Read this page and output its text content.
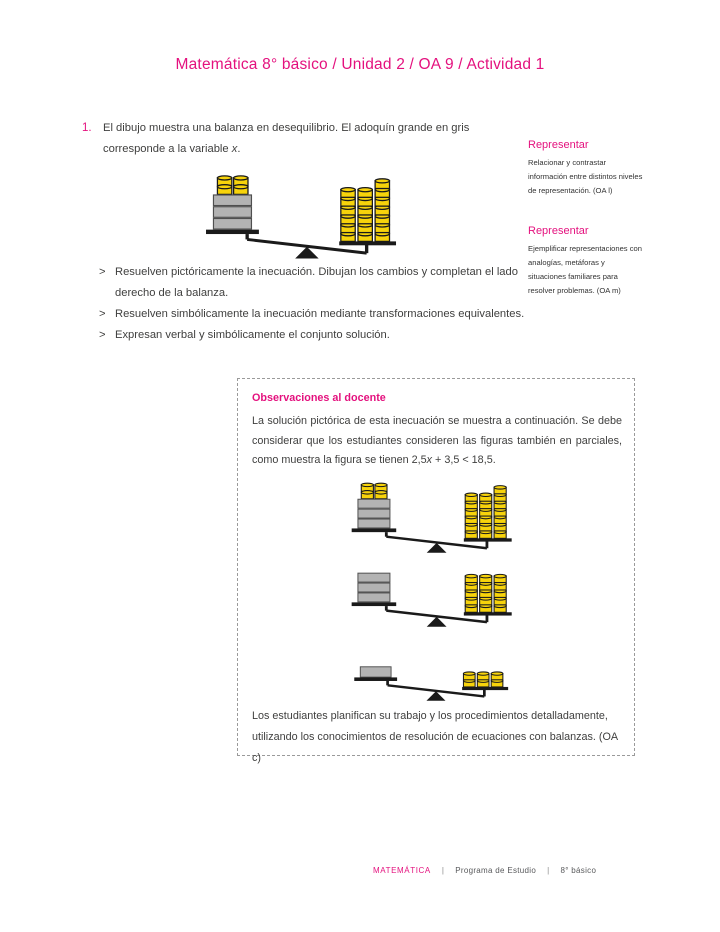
Matemática 8° básico / Unidad 2 / OA 9 / Actividad 1
1. El dibujo muestra una balanza en desequilibrio. El adoquín grande en gris corresponde a la variable x.

> Resuelven pictóricamente la inecuación. Dibujan los cambios y completan el lado derecho de la balanza.
> Resuelven simbólicamente la inecuación mediante transformaciones equivalentes.
> Expresan verbal y simbólicamente el conjunto solución.
Representar

Relacionar y contrastar información entre distintos niveles de representación. (OA l)

Representar

Ejemplificar representaciones con analogías, metáforas y situaciones familiares para resolver problemas. (OA m)

Observaciones al docente

La solución pictórica de esta inecuación se muestra a continuación. Se debe considerar que los estudiantes consideren las figuras también en parciales, como muestra la figura se tienen 2,5x + 3,5 < 18,5.

Los estudiantes planifican su trabajo y los procedimientos detalladamente, utilizando los conocimientos de resolución de ecuaciones con balanzas. (OA c)

MATEMÁTICA | Programa de Estudio | 8° básico
